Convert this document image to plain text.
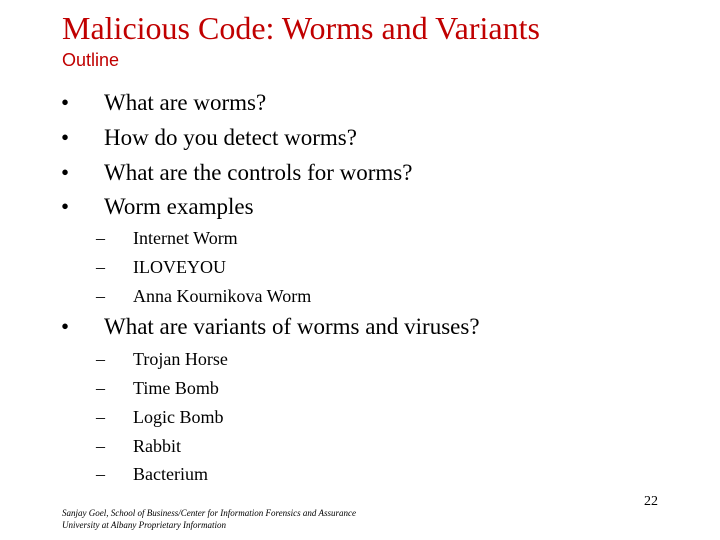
Malicious Code: Worms and Variants
Outline
• What are worms?
• How do you detect worms?
• What are the controls for worms?
• Worm examples
– Internet Worm
– ILOVEYOU
– Anna Kournikova Worm
• What are variants of worms and viruses?
– Trojan Horse
– Time Bomb
– Logic Bomb
– Rabbit
– Bacterium
Sanjay Goel, School of Business/Center for Information Forensics and Assurance
University at Albany Proprietary Information
22
